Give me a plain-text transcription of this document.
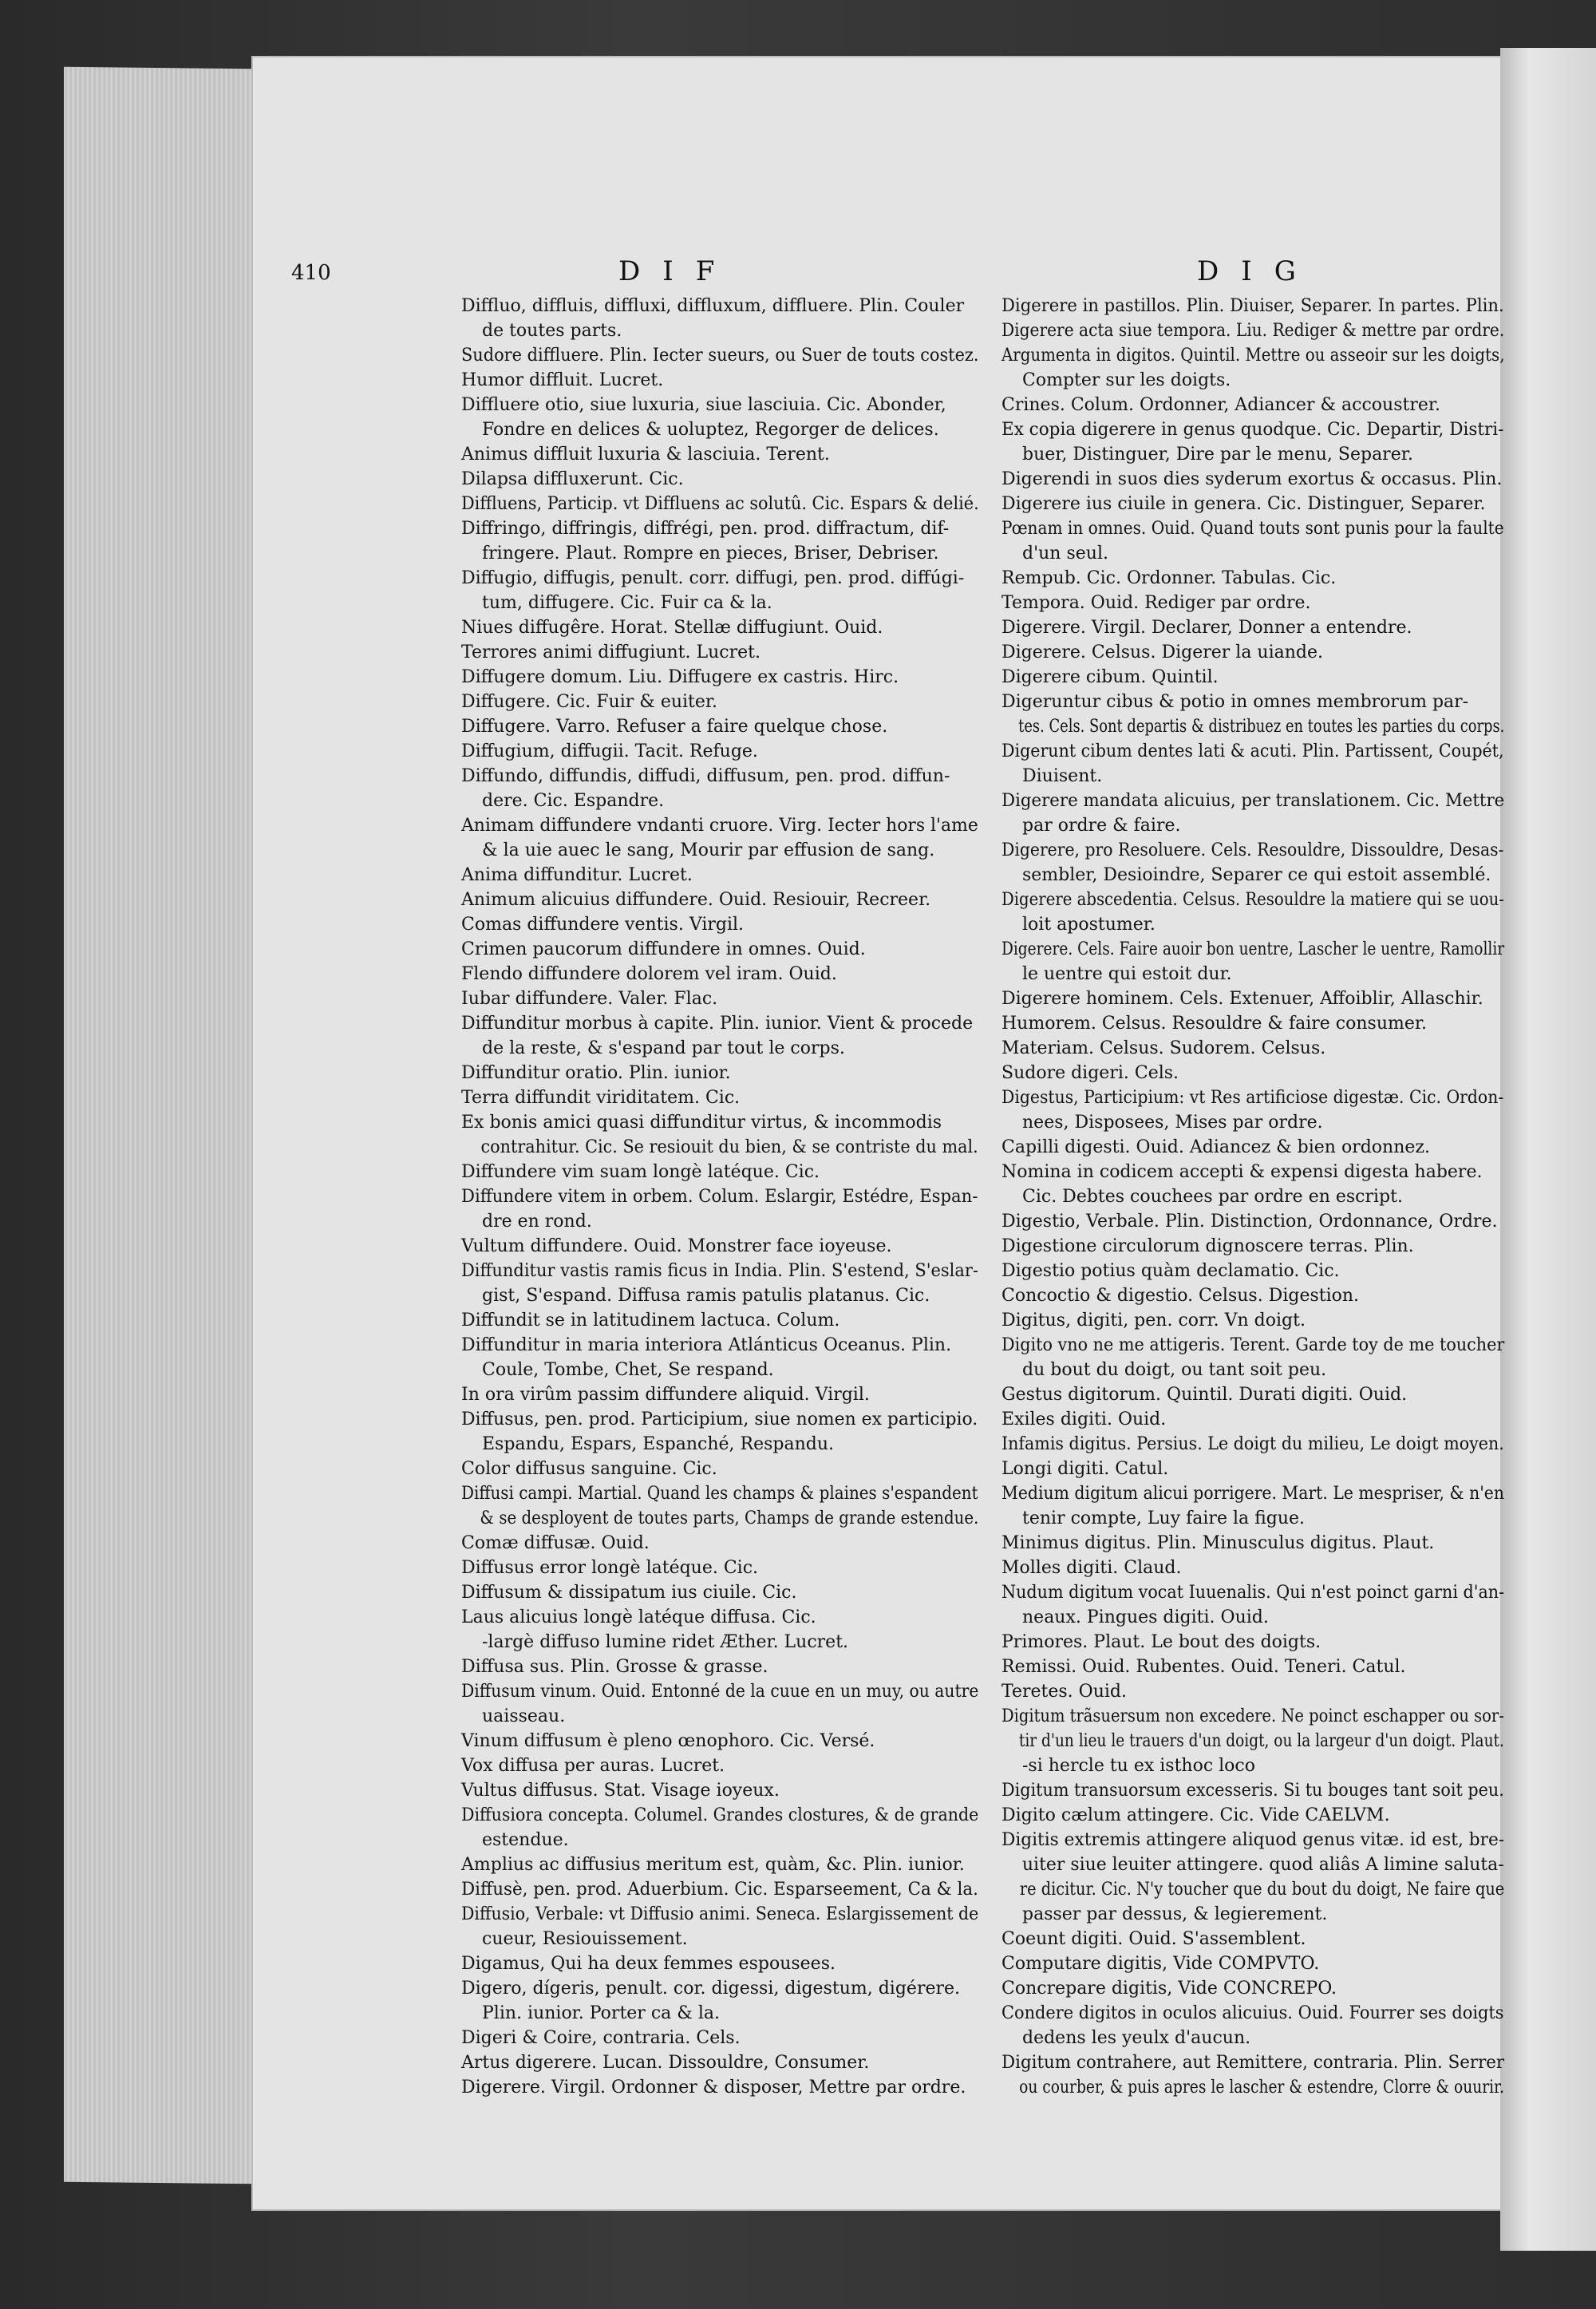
410	DIF	DIG
Diffluo, diffluis, diffluxi, diffluxum, diffluere. Plin. Couler
de toutes parts.
Sudore diffluere. Plin. Iecter sueurs, ou Suer de touts costez.
Humor diffluit. Lucret.
Diffluere otio, siue luxuria, siue lasciuia. Cic. Abonder,
Fondre en delices & uoluptez, Regorger de delices.
Animus diffluit luxuria & lasciuia. Terent.
Dilapsa diffluxerunt. Cic.
Diffluens, Particip. vt Diffluens ac solutû. Cic. Espars & delié.
Diffringo, diffringis, diffrégi, pen. prod. diffractum, dif-
fringere. Plaut. Rompre en pieces, Briser, Debriser.
Diffugio, diffugis, penult. corr. diffugi, pen. prod. diffúgi-
tum, diffugere. Cic. Fuir ca & la.
Niues diffugêre. Horat. Stellæ diffugiunt. Ouid.
Terrores animi diffugiunt. Lucret.
Diffugere domum. Liu. Diffugere ex castris. Hirc.
Diffugere. Cic. Fuir & euiter.
Diffugere. Varro. Refuser a faire quelque chose.
Diffugium, diffugii. Tacit. Refuge.
Diffundo, diffundis, diffudi, diffusum, pen. prod. diffun-
dere. Cic. Espandre.
Animam diffundere vndanti cruore. Virg. Iecter hors l'ame
& la uie auec le sang, Mourir par effusion de sang.
Anima diffunditur. Lucret.
Animum alicuius diffundere. Ouid. Resiouir, Recreer.
Comas diffundere ventis. Virgil.
Crimen paucorum diffundere in omnes. Ouid.
Flendo diffundere dolorem vel iram. Ouid.
Iubar diffundere. Valer. Flac.
Diffunditur morbus à capite. Plin. iunior. Vient & procede
de la reste, & s'espand par tout le corps.
Diffunditur oratio. Plin. iunior.
Terra diffundit viriditatem. Cic.
Ex bonis amici quasi diffunditur virtus, & incommodis
contrahitur. Cic. Se resiouit du bien, & se contriste du mal.
Diffundere vim suam longè latéque. Cic.
Diffundere vitem in orbem. Colum. Eslargir, Estédre, Espan-
dre en rond.
Vultum diffundere. Ouid. Monstrer face ioyeuse.
Diffunditur vastis ramis ficus in India. Plin. S'estend, S'eslar-
gist, S'espand. Diffusa ramis patulis platanus. Cic.
Diffundit se in latitudinem lactuca. Colum.
Diffunditur in maria interiora Atlánticus Oceanus. Plin.
Coule, Tombe, Chet, Se respand.
In ora virûm passim diffundere aliquid. Virgil.
Diffusus, pen. prod. Participium, siue nomen ex participio.
Espandu, Espars, Espanché, Respandu.
Color diffusus sanguine. Cic.
Diffusi campi. Martial. Quand les champs & plaines s'espandent
& se desployent de toutes parts, Champs de grande estendue.
Comæ diffusæ. Ouid.
Diffusus error longè latéque. Cic.
Diffusum & dissipatum ius ciuile. Cic.
Laus alicuius longè latéque diffusa. Cic.
-largè diffuso lumine ridet Æther. Lucret.
Diffusa sus. Plin. Grosse & grasse.
Diffusum vinum. Ouid. Entonné de la cuue en un muy, ou autre
uaisseau.
Vinum diffusum è pleno œnophoro. Cic. Versé.
Vox diffusa per auras. Lucret.
Vultus diffusus. Stat. Visage ioyeux.
Diffusiora concepta. Columel. Grandes clostures, & de grande
estendue.
Amplius ac diffusius meritum est, quàm, &c. Plin. iunior.
Diffusè, pen. prod. Aduerbium. Cic. Esparseement, Ca & la.
Diffusio, Verbale: vt Diffusio animi. Seneca. Eslargissement de
cueur, Resiouissement.
Digamus, Qui ha deux femmes espousees.
Digero, dígeris, penult. cor. digessi, digestum, digérere.
Plin. iunior. Porter ca & la.
Digeri & Coire, contraria. Cels.
Artus digerere. Lucan. Dissouldre, Consumer.
Digerere. Virgil. Ordonner & disposer, Mettre par ordre.
Digerere in pastillos. Plin. Diuiser, Separer. In partes. Plin.
Digerere acta siue tempora. Liu. Rediger & mettre par ordre.
Argumenta in digitos. Quintil. Mettre ou asseoir sur les doigts,
Compter sur les doigts.
Crines. Colum. Ordonner, Adiancer & accoustrer.
Ex copia digerere in genus quodque. Cic. Departir, Distri-
buer, Distinguer, Dire par le menu, Separer.
Digerendi in suos dies syderum exortus & occasus. Plin.
Digerere ius ciuile in genera. Cic. Distinguer, Separer.
Pœnam in omnes. Ouid. Quand touts sont punis pour la faulte
d'un seul.
Rempub. Cic. Ordonner. Tabulas. Cic.
Tempora. Ouid. Rediger par ordre.
Digerere. Virgil. Declarer, Donner a entendre.
Digerere. Celsus. Digerer la uiande.
Digerere cibum. Quintil.
Digeruntur cibus & potio in omnes membrorum par-
tes. Cels. Sont departis & distribuez en toutes les parties du corps.
Digerunt cibum dentes lati & acuti. Plin. Partissent, Coupét,
Diuisent.
Digerere mandata alicuius, per translationem. Cic. Mettre
par ordre & faire.
Digerere, pro Resoluere. Cels. Resouldre, Dissouldre, Desas-
sembler, Desioindre, Separer ce qui estoit assemblé.
Digerere abscedentia. Celsus. Resouldre la matiere qui se uou-
loit apostumer.
Digerere. Cels. Faire auoir bon uentre, Lascher le uentre, Ramollir
le uentre qui estoit dur.
Digerere hominem. Cels. Extenuer, Affoiblir, Allaschir.
Humorem. Celsus. Resouldre & faire consumer.
Materiam. Celsus. Sudorem. Celsus.
Sudore digeri. Cels.
Digestus, Participium: vt Res artificiose digestæ. Cic. Ordon-
nees, Disposees, Mises par ordre.
Capilli digesti. Ouid. Adiancez & bien ordonnez.
Nomina in codicem accepti & expensi digesta habere.
Cic. Debtes couchees par ordre en escript.
Digestio, Verbale. Plin. Distinction, Ordonnance, Ordre.
Digestione circulorum dignoscere terras. Plin.
Digestio potius quàm declamatio. Cic.
Concoctio & digestio. Celsus. Digestion.
Digitus, digiti, pen. corr. Vn doigt.
Digito vno ne me attigeris. Terent. Garde toy de me toucher
du bout du doigt, ou tant soit peu.
Gestus digitorum. Quintil. Durati digiti. Ouid.
Exiles digiti. Ouid.
Infamis digitus. Persius. Le doigt du milieu, Le doigt moyen.
Longi digiti. Catul.
Medium digitum alicui porrigere. Mart. Le mespriser, & n'en
tenir compte, Luy faire la figue.
Minimus digitus. Plin. Minusculus digitus. Plaut.
Molles digiti. Claud.
Nudum digitum vocat Iuuenalis. Qui n'est poinct garni d'an-
neaux. Pingues digiti. Ouid.
Primores. Plaut. Le bout des doigts.
Remissi. Ouid. Rubentes. Ouid. Teneri. Catul.
Teretes. Ouid.
Digitum trãsuersum non excedere. Ne poinct eschapper ou sor-
tir d'un lieu le trauers d'un doigt, ou la largeur d'un doigt. Plaut.
-si hercle tu ex isthoc loco
Digitum transuorsum excesseris. Si tu bouges tant soit peu.
Digito cælum attingere. Cic. Vide CAELVM.
Digitis extremis attingere aliquod genus vitæ. id est, bre-
uiter siue leuiter attingere. quod aliâs A limine saluta-
re dicitur. Cic. N'y toucher que du bout du doigt, Ne faire que
passer par dessus, & legierement.
Coeunt digiti. Ouid. S'assemblent.
Computare digitis, Vide COMPVTO.
Concrepare digitis, Vide CONCREPO.
Condere digitos in oculos alicuius. Ouid. Fourrer ses doigts
dedens les yeulx d'aucun.
Digitum contrahere, aut Remittere, contraria. Plin. Serrer
ou courber, & puis apres le lascher & estendre, Clorre & ouurir.
